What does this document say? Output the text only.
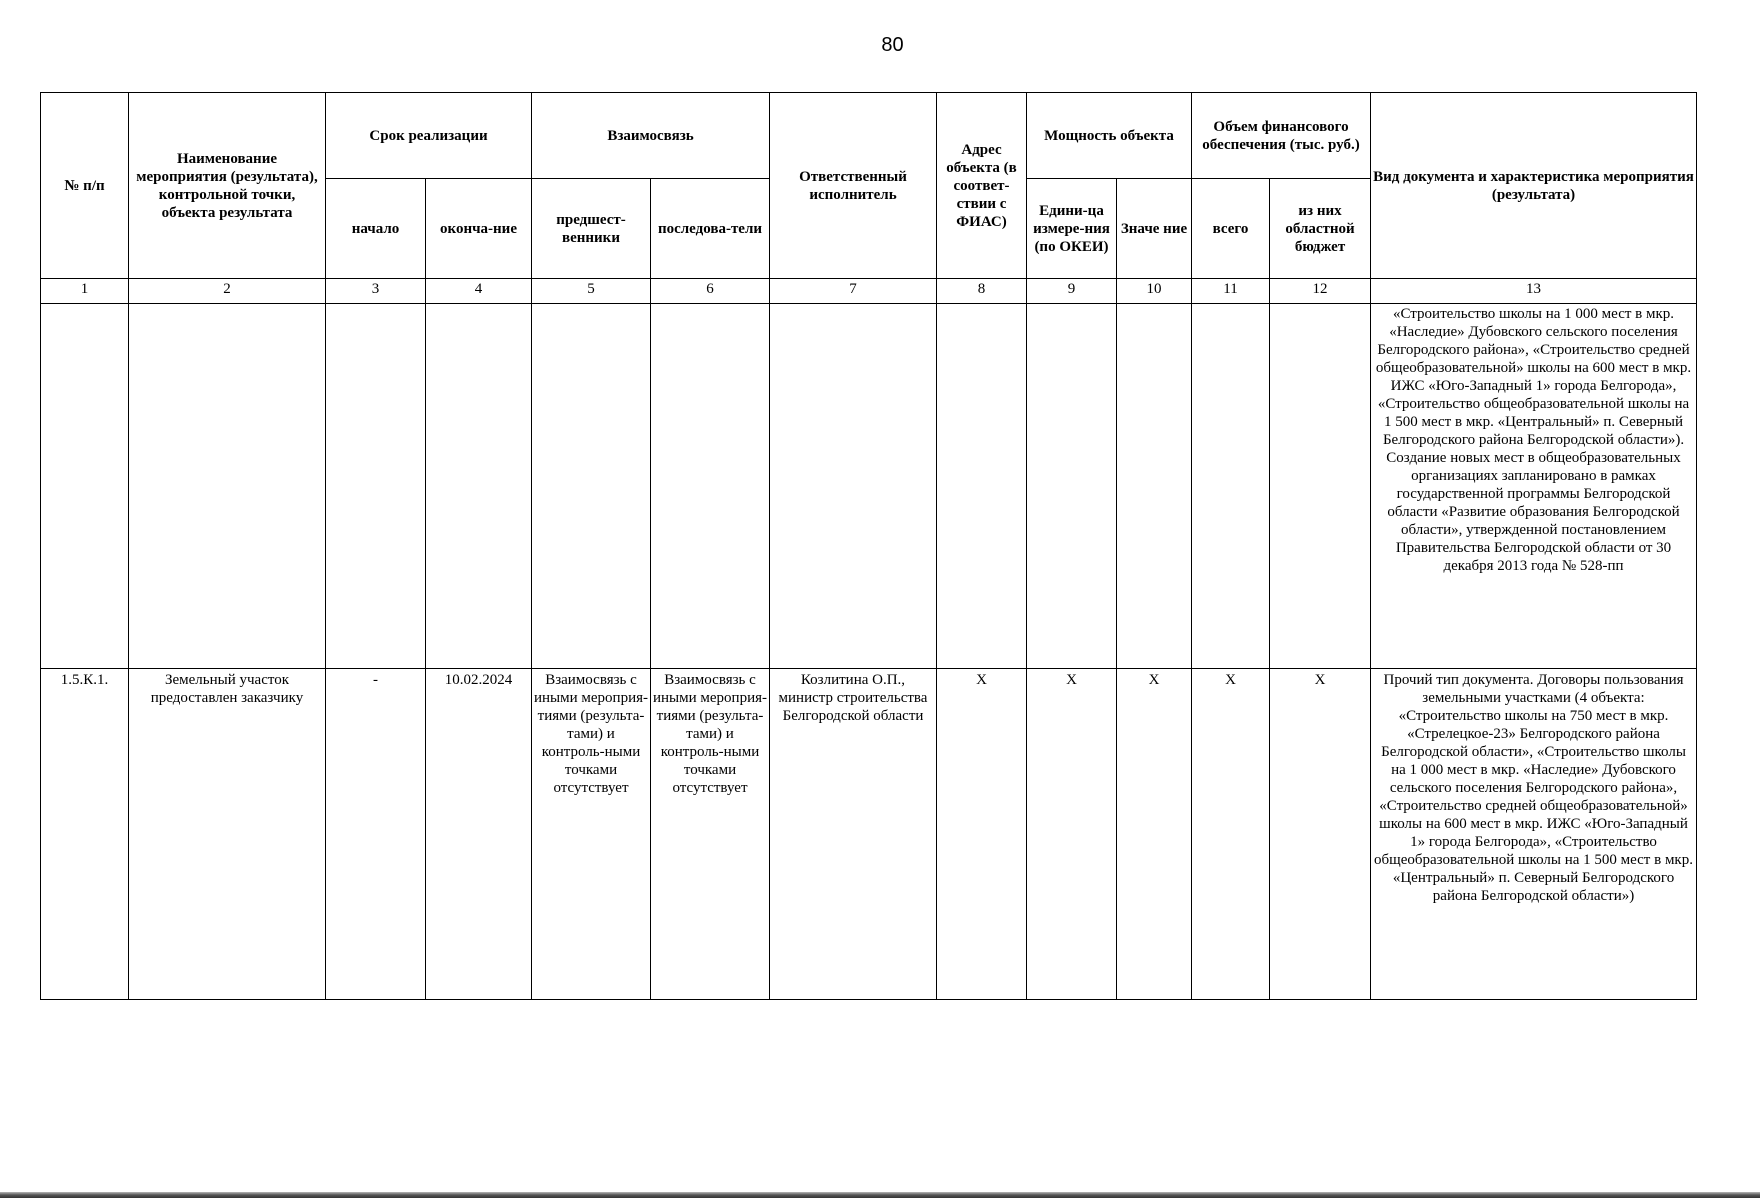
80
№ п/п	Наименование мероприятия (результата), контрольной точки, объекта результата	Срок реализации		Взаимосвязь		Ответственный исполнитель	Адрес объекта (в соответ-ствии с ФИАС)	Мощность объекта		Объем финансового обеспечения (тыс. руб.)		Вид документа и характеристика мероприятия (результата)
		начало	оконча-ние	предшест-венники	последова-тели			Едини-ца измере-ния (по ОКЕИ)	Значе ние	всего	из них областной бюджет	
1	2	3	4	5	6	7	8	9	10	11	12	13
												«Строительство школы на 1 000 мест в мкр. «Наследие» Дубовского сельского поселения Белгородского района», «Строительство средней общеобразовательной» школы на 600 мест в мкр. ИЖС «Юго-Западный 1» города Белгорода», «Строительство общеобразовательной школы на 1 500 мест в мкр. «Центральный» п. Северный Белгородского района Белгородской области»). Создание новых мест в общеобразовательных организациях запланировано в рамках государственной программы Белгородской области «Развитие образования Белгородской области», утвержденной постановлением Правительства Белгородской области от 30 декабря 2013 года № 528-пп
1.5.К.1.	Земельный участок предоставлен заказчику	-	10.02.2024	Взаимосвязь с иными мероприя-тиями (результа-тами) и контроль-ными точками отсутствует	Взаимосвязь с иными мероприя-тиями (результа-тами) и контроль-ными точками отсутствует	Козлитина О.П., министр строительства Белгородской области	Х	Х	Х	Х	Х	Прочий тип документа. Договоры пользования земельными участками (4 объекта: «Строительство школы на 750 мест в мкр. «Стрелецкое-23» Белгородского района Белгородской области», «Строительство школы на 1 000 мест в мкр. «Наследие» Дубовского сельского поселения Белгородского района», «Строительство средней общеобразовательной» школы на 600 мест в мкр. ИЖС «Юго-Западный 1» города Белгорода», «Строительство общеобразовательной школы на 1 500 мест в мкр. «Центральный» п. Северный Белгородского района Белгородской области»)
